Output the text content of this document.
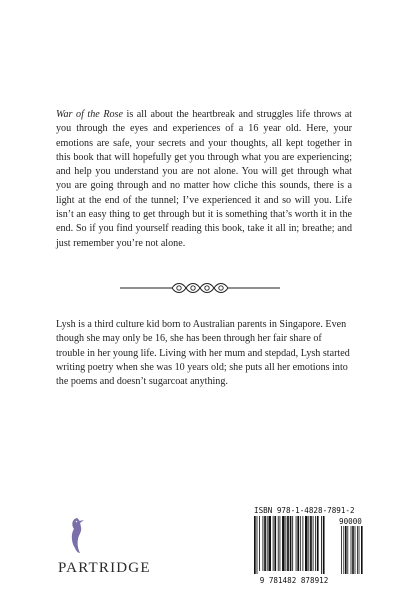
War of the Rose is all about the heartbreak and struggles life throws at you through the eyes and experiences of a 16 year old. Here, your emotions are safe, your secrets and your thoughts, all kept together in this book that will hopefully get you through what you are experiencing; and help you understand you are not alone. You will get through what you are going through and no matter how cliche this sounds, there is a light at the end of the tunnel; I’ve experienced it and so will you. Life isn’t an easy thing to get through but it is something that’s worth it in the end. So if you find yourself reading this book, take it all in; breathe; and just remember you’re not alone.

Lysh is a third culture kid born to Australian parents in Singapore. Even though she may only be 16, she has been through her fair share of trouble in her young life. Living with her mum and stepdad, Lysh started writing poetry when she was 10 years old; she puts all her emotions into the poems and doesn’t sugarcoat anything.

PARTRIDGE
ISBN 978-1-4828-7891-2
90000
9 781482 878912
